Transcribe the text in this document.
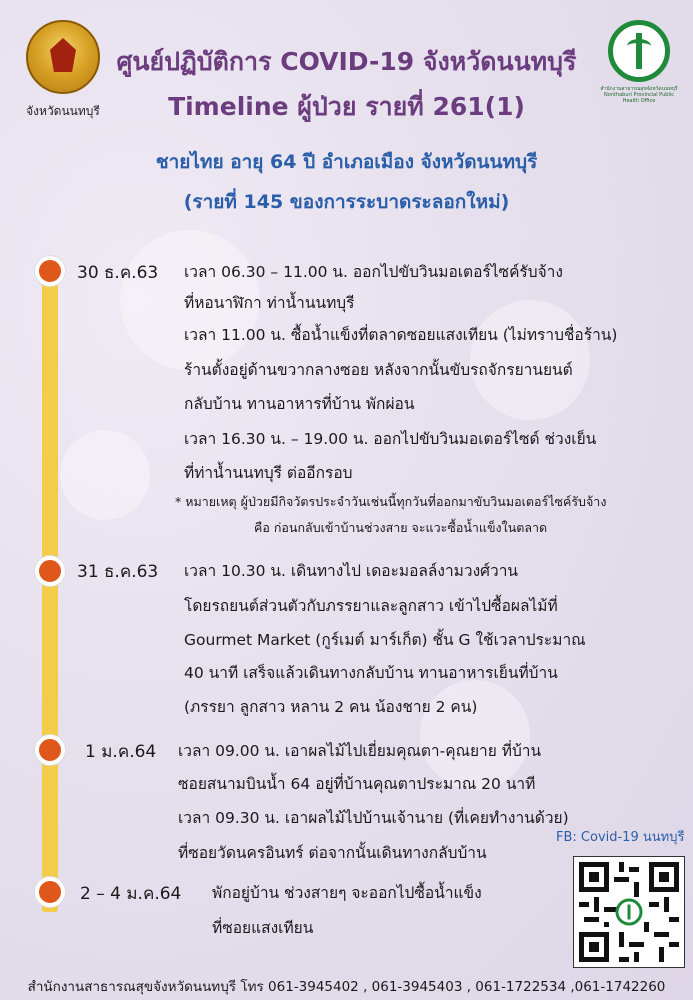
จังหวัดนนทบุรี
สำนักงานสาธารณสุขจังหวัดนนทบุรี Nonthaburi Provincial Public Health Office
ศูนย์ปฏิบัติการ COVID-19 จังหวัดนนทบุรี
Timeline ผู้ป่วย รายที่ 261(1)
ชายไทย อายุ 64 ปี อำเภอเมือง จังหวัดนนทบุรี
(รายที่ 145 ของการระบาดระลอกใหม่)
30 ธ.ค.63 เวลา 06.30 – 11.00 น. ออกไปขับวินมอเตอร์ไซค์รับจ้าง
ที่หอนาฬิกา ท่าน้ำนนทบุรี
เวลา 11.00 น. ซื้อน้ำแข็งที่ตลาดซอยแสงเทียน (ไม่ทราบชื่อร้าน)
ร้านตั้งอยู่ด้านขวากลางซอย หลังจากนั้นขับรถจักรยานยนต์
กลับบ้าน ทานอาหารที่บ้าน พักผ่อน
เวลา 16.30 น. – 19.00 น. ออกไปขับวินมอเตอร์ไซด์ ช่วงเย็น
ที่ท่าน้ำนนทบุรี ต่ออีกรอบ
* หมายเหตุ ผู้ป่วยมีกิจวัตรประจำวันเช่นนี้ทุกวันที่ออกมาขับวินมอเตอร์ไซค์รับจ้าง
คือ ก่อนกลับเข้าบ้านช่วงสาย จะแวะซื้อน้ำแข็งในตลาด
31 ธ.ค.63 เวลา 10.30 น. เดินทางไป เดอะมอลล์งามวงศ์วาน
โดยรถยนต์ส่วนตัวกับภรรยาและลูกสาว เข้าไปซื้อผลไม้ที่
Gourmet Market (กูร์เมต์ มาร์เก็ต) ชั้น G ใช้เวลาประมาณ
40 นาที เสร็จแล้วเดินทางกลับบ้าน ทานอาหารเย็นที่บ้าน
(ภรรยา ลูกสาว หลาน 2 คน น้องชาย 2 คน)
1 ม.ค.64 เวลา 09.00 น. เอาผลไม้ไปเยี่ยมคุณตา-คุณยาย ที่บ้าน
ซอยสนามบินน้ำ 64 อยู่ที่บ้านคุณตาประมาณ 20 นาที
เวลา 09.30 น. เอาผลไม้ไปบ้านเจ้านาย (ที่เคยทำงานด้วย)
ที่ซอยวัดนครอินทร์ ต่อจากนั้นเดินทางกลับบ้าน
2 – 4 ม.ค.64 พักอยู่บ้าน ช่วงสายๆ จะออกไปซื้อน้ำแข็ง
ที่ซอยแสงเทียน
FB: Covid-19 นนทบุรี
สำนักงานสาธารณสุขจังหวัดนนทบุรี โทร 061-3945402 , 061-3945403 , 061-1722534 ,061-1742260
